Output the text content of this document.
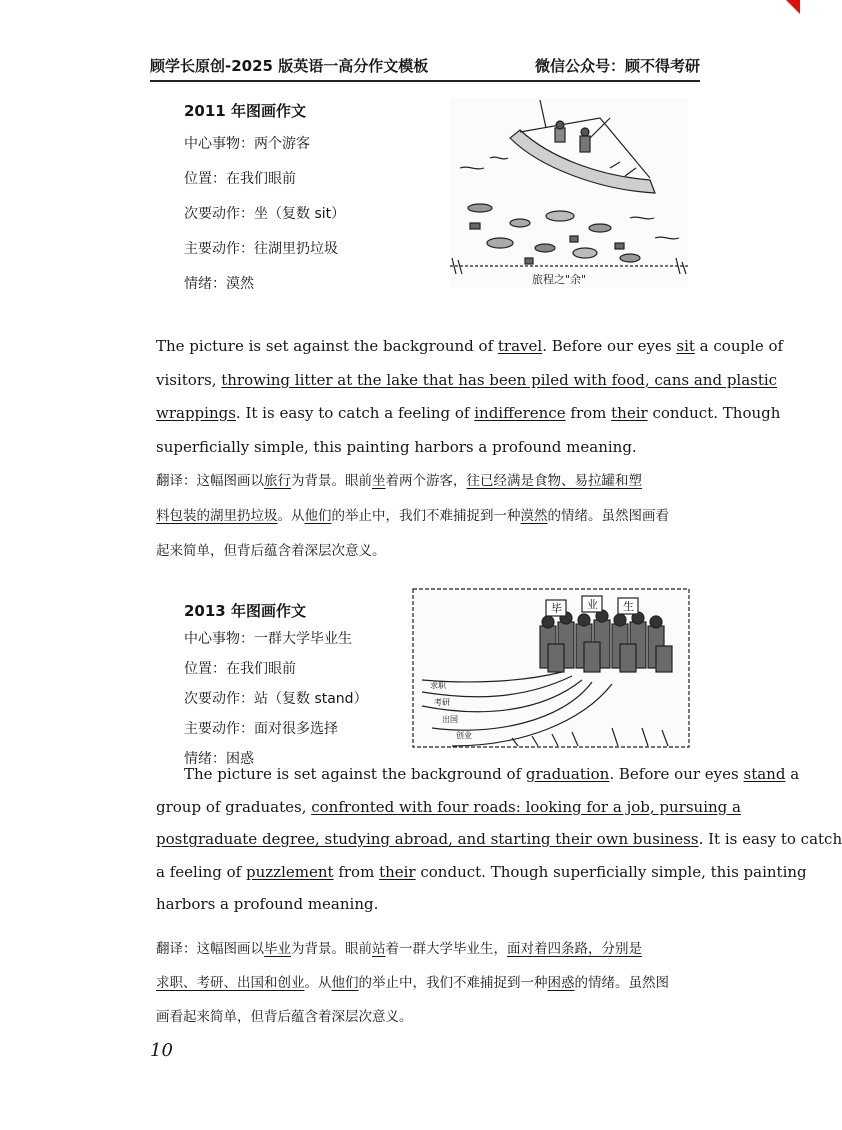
顾学长原创-2025 版英语一高分作文模板	微信公众号：顾不得考研
2011 年图画作文
中心事物：两个游客
位置：在我们眼前
次要动作：坐（复数 sit）
主要动作：往湖里扔垃圾
情绪：漠然	旅程之"余"

The picture is set against the background of travel. Before our eyes sit a couple of
visitors, throwing litter at the lake that has been piled with food, cans and plastic
wrappings. It is easy to catch a feeling of indifference from their conduct. Though
superficially simple, this painting harbors a profound meaning.

翻译：这幅图画以旅行为背景。眼前坐着两个游客，往已经满是食物、易拉罐和塑
料包装的湖里扔垃圾。从他们的举止中，我们不难捕捉到一种漠然的情绪。虽然图画看
起来简单，但背后蕴含着深层次意义。

2013 年图画作文
中心事物：一群大学毕业生
位置：在我们眼前
次要动作：站（复数 stand）
主要动作：面对很多选择
情绪：困惑
毕 业 生
求职
考研
出国
创业

The picture is set against the background of graduation. Before our eyes stand a
group of graduates, confronted with four roads: looking for a job, pursuing a
postgraduate degree, studying abroad, and starting their own business. It is easy to catch
a feeling of puzzlement from their conduct. Though superficially simple, this painting
harbors a profound meaning.

翻译：这幅图画以毕业为背景。眼前站着一群大学毕业生，面对着四条路，分别是
求职、考研、出国和创业。从他们的举止中，我们不难捕捉到一种困惑的情绪。虽然图
画看起来简单，但背后蕴含着深层次意义。

10
